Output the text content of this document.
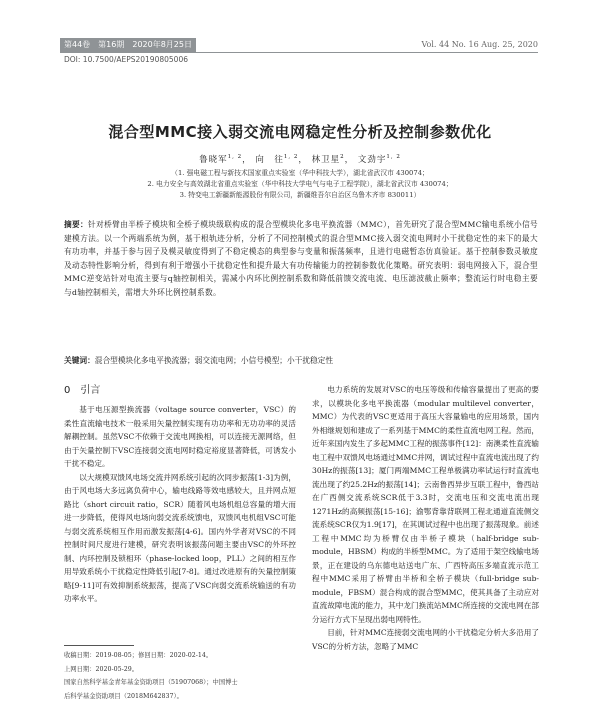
第44卷　第16期　2020年8月25日	Vol. 44 No. 16 Aug. 25, 2020
DOI: 10.7500/AEPS20190805006
混合型MMC接入弱交流电网稳定性分析及控制参数优化
鲁晓军$^{1, 2}$， 向　往$^{1, 2}$， 林卫星$^2$， 文劲宇$^{1, 2}$
（1. 强电磁工程与新技术国家重点实验室（华中科技大学），湖北省武汉市 430074；
2. 电力安全与高效湖北省重点实验室（华中科技大学电气与电子工程学院），湖北省武汉市 430074；
3. 特变电工新疆新能源股份有限公司，新疆维吾尔自治区乌鲁木齐市 830011）
摘要：针对桥臂由半桥子模块和全桥子模块级联构成的混合型模块化多电平换流器（MMC），首先研究了混合型MMC输电系统小信号建模方法。以一个两端系统为例，基于根轨迹分析，分析了不同控制模式的混合型MMC接入弱交流电网时小干扰稳定性的来下的最大有功功率，并基于参与因子及模灵敏度得到了不稳定模态的典型参与变量和振荡频率，且进行电磁暂态仿真验证。基于控制参数灵敏度及动态特性影响分析，得到有利于增强小干扰稳定性和提升最大有功传输能力的控制参数优化策略。研究表明：弱电网接入下，混合型MMC逆变站针对电流主要与q轴控制相关，需减小内环比例控制系数和降低前馈交流电流、电压滤波截止频率；整流运行时电稳主要与d轴控制相关，需增大外环比例控制系数。
关键词：混合型模块化多电平换流器；弱交流电网；小信号模型；小干扰稳定性
0　引言

基于电压源型换流器（voltage source converter，VSC）的柔性直流输电技术一般采用矢量控制实现有功功率和无功功率的灵活解耦控制。虽然VSC不依赖于交流电网换相，可以连接无源网络，但由于矢量控制下VSC连接弱交流电网时稳定裕度显著降低，可诱发小干扰不稳定。

以大规模双馈风电场交流并网系统引起的次同步振荡[1-3]为例，由于风电场大多远离负荷中心，输电线路等效电感较大，且并网点短路比（short circuit ratio，SCR）随着风电场机组总容量的增大而进一步降低，使得风电场向弱交流系统馈电，双馈风电机组VSC可能与弱交流系统相互作用而激发振荡[4-6]。国内外学者对VSC的不同控制时间尺度进行建模，研究表明该振荡问题主要由VSC的外环控制、内环控制及锁相环（phase-locked loop，PLL）之间的相互作用导致系统小干扰稳定性降低引起[7-8]。通过改进原有的矢量控制策略[9-11]可有效抑制系统振荡，提高了VSC向弱交流系统输送的有功功率水平。

电力系统的发展对VSC的电压等级和传输容量提出了更高的要求，以模块化多电平换流器（modular multilevel converter，MMC）为代表的VSC更适用于高压大容量输电的应用场景，国内外相继规划和建成了一系列基于MMC的柔性直流电网工程。然而，近年来国内发生了多起MMC工程的振荡事件[12]：南澳柔性直流输电工程中双馈风电场通过MMC并网，调试过程中直流电流出现了约30Hz的振荡[13]；厦门两端MMC工程单极满功率试运行时直流电流出现了约25.2Hz的振荡[14]；云南鲁西异步互联工程中，鲁西站在广西侧交流系统SCR低于3.3时，交流电压和交流电流出现1271Hz的高频振荡[15-16]；渝鄂背靠背联网工程北通道直流侧交流系统SCR仅为1.9[17]，在其调试过程中也出现了振荡现象。前述工程中MMC均为桥臂仅由半桥子模块（half-bridge sub-module，HBSM）构成的半桥型MMC。为了适用于架空线输电场景，正在建设的乌东德电站送电广东、广西特高压多端直流示范工程中MMC采用了桥臂由半桥和全桥子模块（full-bridge sub-module，FBSM）混合构成的混合型MMC，使其具备了主动应对直流故障电流的能力，其中龙门换流站MMC所连接的交流电网在部分运行方式下呈现出弱电网特性。

目前，针对MMC连接弱交流电网的小干扰稳定分析大多沿用了VSC的分析方法，忽略了MMC

收稿日期：2019-08-05；修回日期：2020-02-14。
上网日期：2020-05-29。
国家自然科学基金青年基金资助项目（51907068）；中国博士
后科学基金资助项目（2018M642837）。
